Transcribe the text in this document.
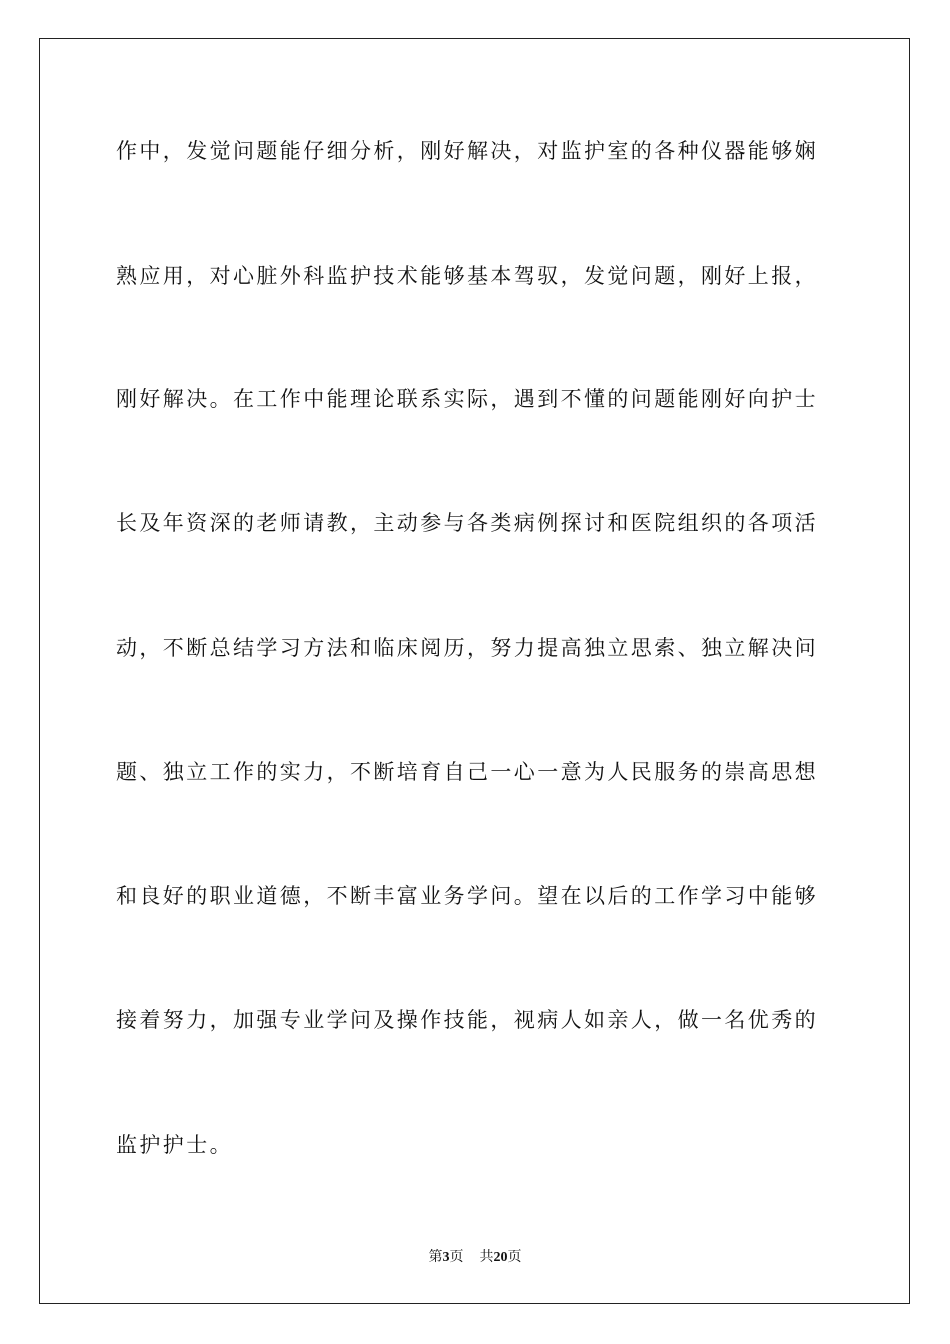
作中，发觉问题能仔细分析，刚好解决，对监护室的各种仪器能够娴
熟应用，对心脏外科监护技术能够基本驾驭，发觉问题，刚好上报，
刚好解决。在工作中能理论联系实际，遇到不懂的问题能刚好向护士
长及年资深的老师请教，主动参与各类病例探讨和医院组织的各项活
动，不断总结学习方法和临床阅历，努力提高独立思索、独立解决问
题、独立工作的实力，不断培育自己一心一意为人民服务的崇高思想
和良好的职业道德，不断丰富业务学问。望在以后的工作学习中能够
接着努力，加强专业学问及操作技能，视病人如亲人，做一名优秀的
监护护士。
第3页 共20页
